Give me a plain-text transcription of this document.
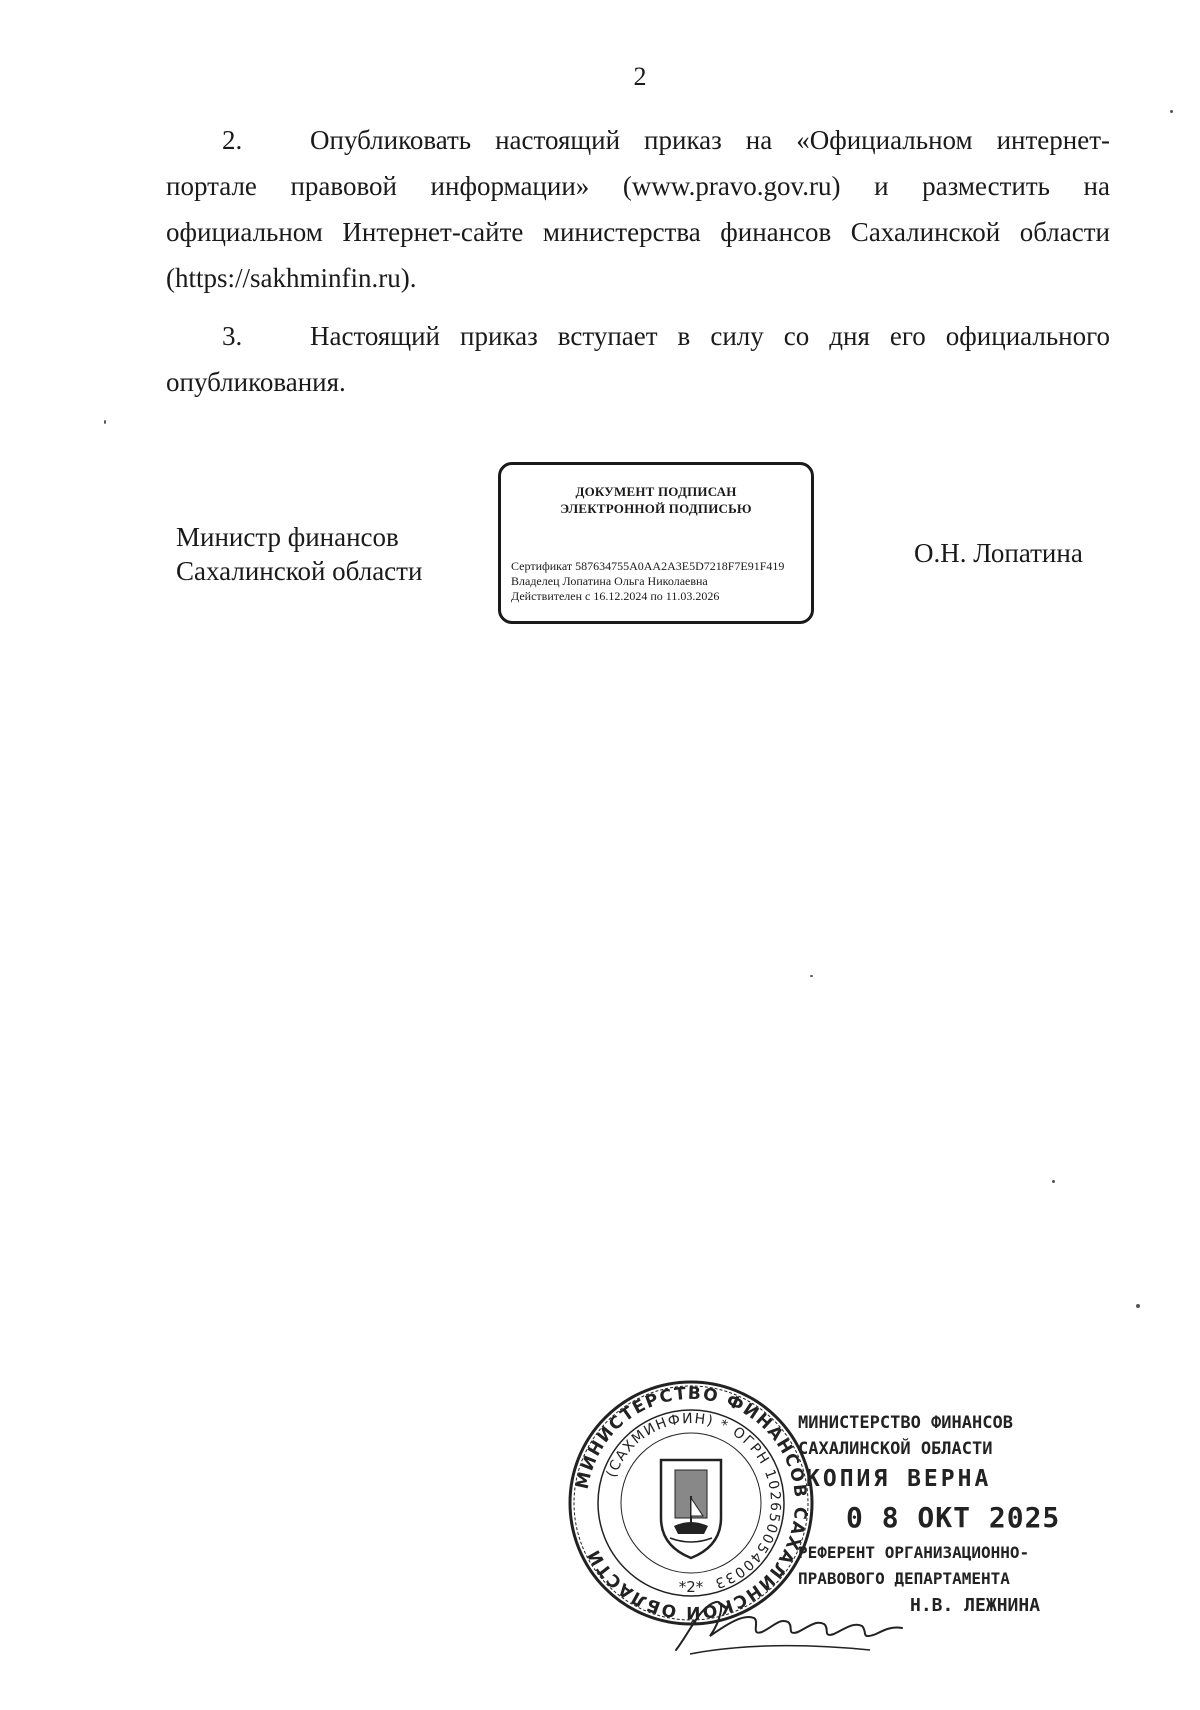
2
2.	Опубликовать настоящий приказ на «Официальном интернет-портале правовой информации» (www.pravo.gov.ru) и разместить на официальном Интернет-сайте министерства финансов Сахалинской области (https://sakhminfin.ru).
3.	Настоящий приказ вступает в силу со дня его официального опубликования.
Министр финансов
Сахалинской области
ДОКУМЕНТ ПОДПИСАН
ЭЛЕКТРОННОЙ ПОДПИСЬЮ
Сертификат 587634755A0AA2A3E5D7218F7E91F419
Владелец Лопатина Ольга Николаевна
Действителен с 16.12.2024 по 11.03.2026
О.Н. Лопатина
МИНИСТЕРСТВО ФИНАНСОВ САХАЛИНСКОЙ ОБЛАСТИ
(САХМИНФИН) * ОГРН 1026500540033
*2*
МИНИСТЕРСТВО ФИНАНСОВ
САХАЛИНСКОЙ ОБЛАСТИ
КОПИЯ ВЕРНА
0 8 ОКТ 2025
РЕФЕРЕНТ ОРГАНИЗАЦИОННО-
ПРАВОВОГО ДЕПАРТАМЕНТА
Н.В. ЛЕЖНИНА
